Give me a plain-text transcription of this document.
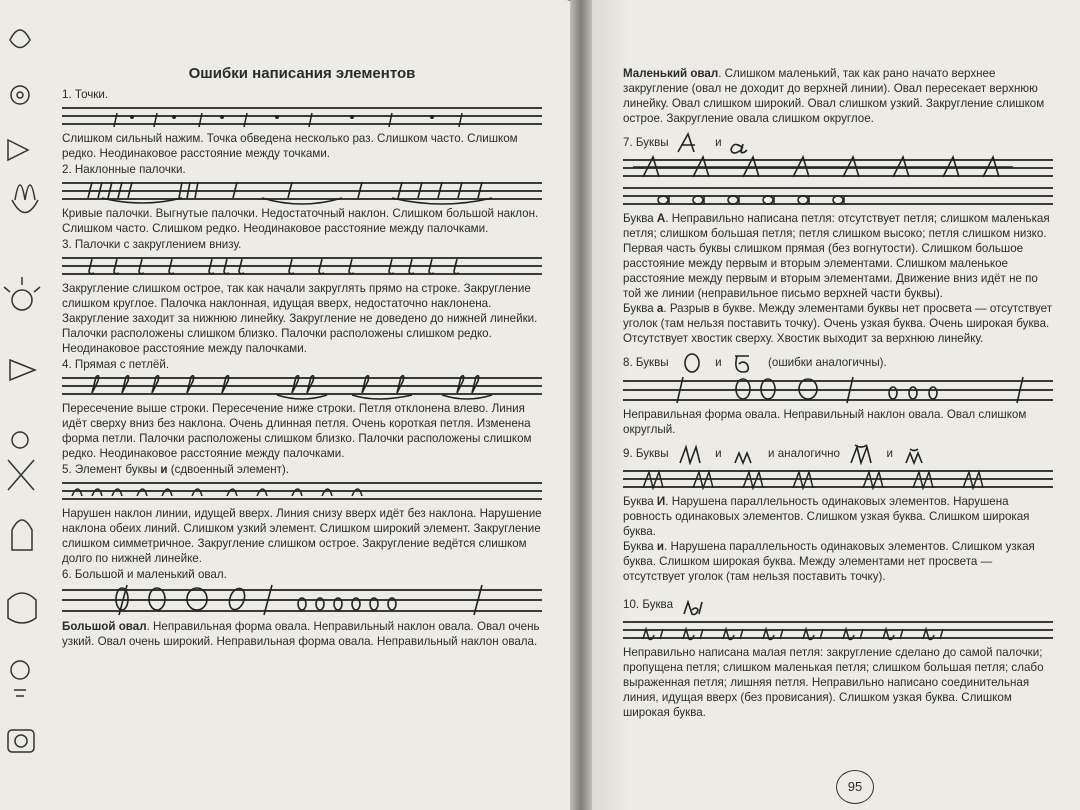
Ошибки написания элементов

1. Точки.

Слишком сильный нажим. Точка обведена несколько раз. Слишком часто. Слишком редко. Неодинаковое расстояние между точками.

2. Наклонные палочки.

Кривые палочки. Выгнутые палочки. Недостаточный наклон. Слишком большой наклон. Слишком часто. Слишком редко. Неодинаковое расстояние между палочками.

3. Палочки с закруглением внизу.

Закругление слишком острое, так как начали закруглять прямо на строке. Закругление слишком круглое. Палочка наклонная, идущая вверх, недостаточно наклонена. Закругление заходит за нижнюю линейку. Закругление не доведено до нижней линейки. Палочки расположены слишком близко. Палочки расположены слишком редко. Неодинаковое расстояние между палочками.

4. Прямая с петлёй.

Пересечение выше строки. Пересечение ниже строки. Петля отклонена влево. Линия идёт сверху вниз без наклона. Очень длинная петля. Очень короткая петля. Изменена форма петли. Палочки расположены слишком близко. Палочки расположены слишком редко. Неодинаковое расстояние между палочками.

5. Элемент буквы и (сдвоенный элемент).

Нарушен наклон линии, идущей вверх. Линия снизу вверх идёт без наклона. Нарушение наклона обеих линий. Слишком узкий элемент. Слишком широкий элемент. Закругление слишком симметричное. Закругление слишком острое. Закругление ведётся слишком долго по нижней линейке.

6. Большой и маленький овал.

Большой овал. Неправильная форма овала. Неправильный наклон овала. Овал очень узкий. Овал очень широкий. Неправильная форма овала. Неправильный наклон овала.

Маленький овал. Слишком маленький, так как рано начато верхнее закругление (овал не доходит до верхней линии). Овал пересекает верхнюю линейку. Овал слишком широкий. Овал слишком узкий. Закругление слишком острое. Закругление овала слишком округлое.

7. Буквы	и

Буква А. Неправильно написана петля: отсутствует петля; слишком маленькая петля; слишком большая петля; петля слишком высоко; петля слишком низко. Первая часть буквы слишком прямая (без вогнутости). Слишком большое расстояние между первым и вторым элементами. Слишком маленькое расстояние между первым и вторым элементами. Движение вниз идёт не по той же линии (неправильное письмо верхней части буквы).

Буква а. Разрыв в букве. Между элементами буквы нет просвета — отсутствует уголок (там нельзя поставить точку). Очень узкая буква. Очень широкая буква. Отсутствует хвостик сверху. Хвостик выходит за верхнюю линейку.

8. Буквы	и	(ошибки аналогичны).

Неправильная форма овала. Неправильный наклон овала. Овал слишком округлый.

9. Буквы	и	и аналогично	и

Буква И. Нарушена параллельность одинаковых элементов. Нарушена ровность одинаковых элементов. Слишком узкая буква. Слишком широкая буква.

Буква и. Нарушена параллельность одинаковых элементов. Слишком узкая буква. Слишком широкая буква. Между элементами нет просвета — отсутствует уголок (там нельзя поставить точку).

10. Буква

Неправильно написана малая петля: закругление сделано до самой палочки; пропущена петля; слишком маленькая петля; слишком большая петля; слабо выраженная петля; лишняя петля. Неправильно написано соединительная линия, идущая вверх (без провисания). Слишком узкая буква. Слишком широкая буква.

95
